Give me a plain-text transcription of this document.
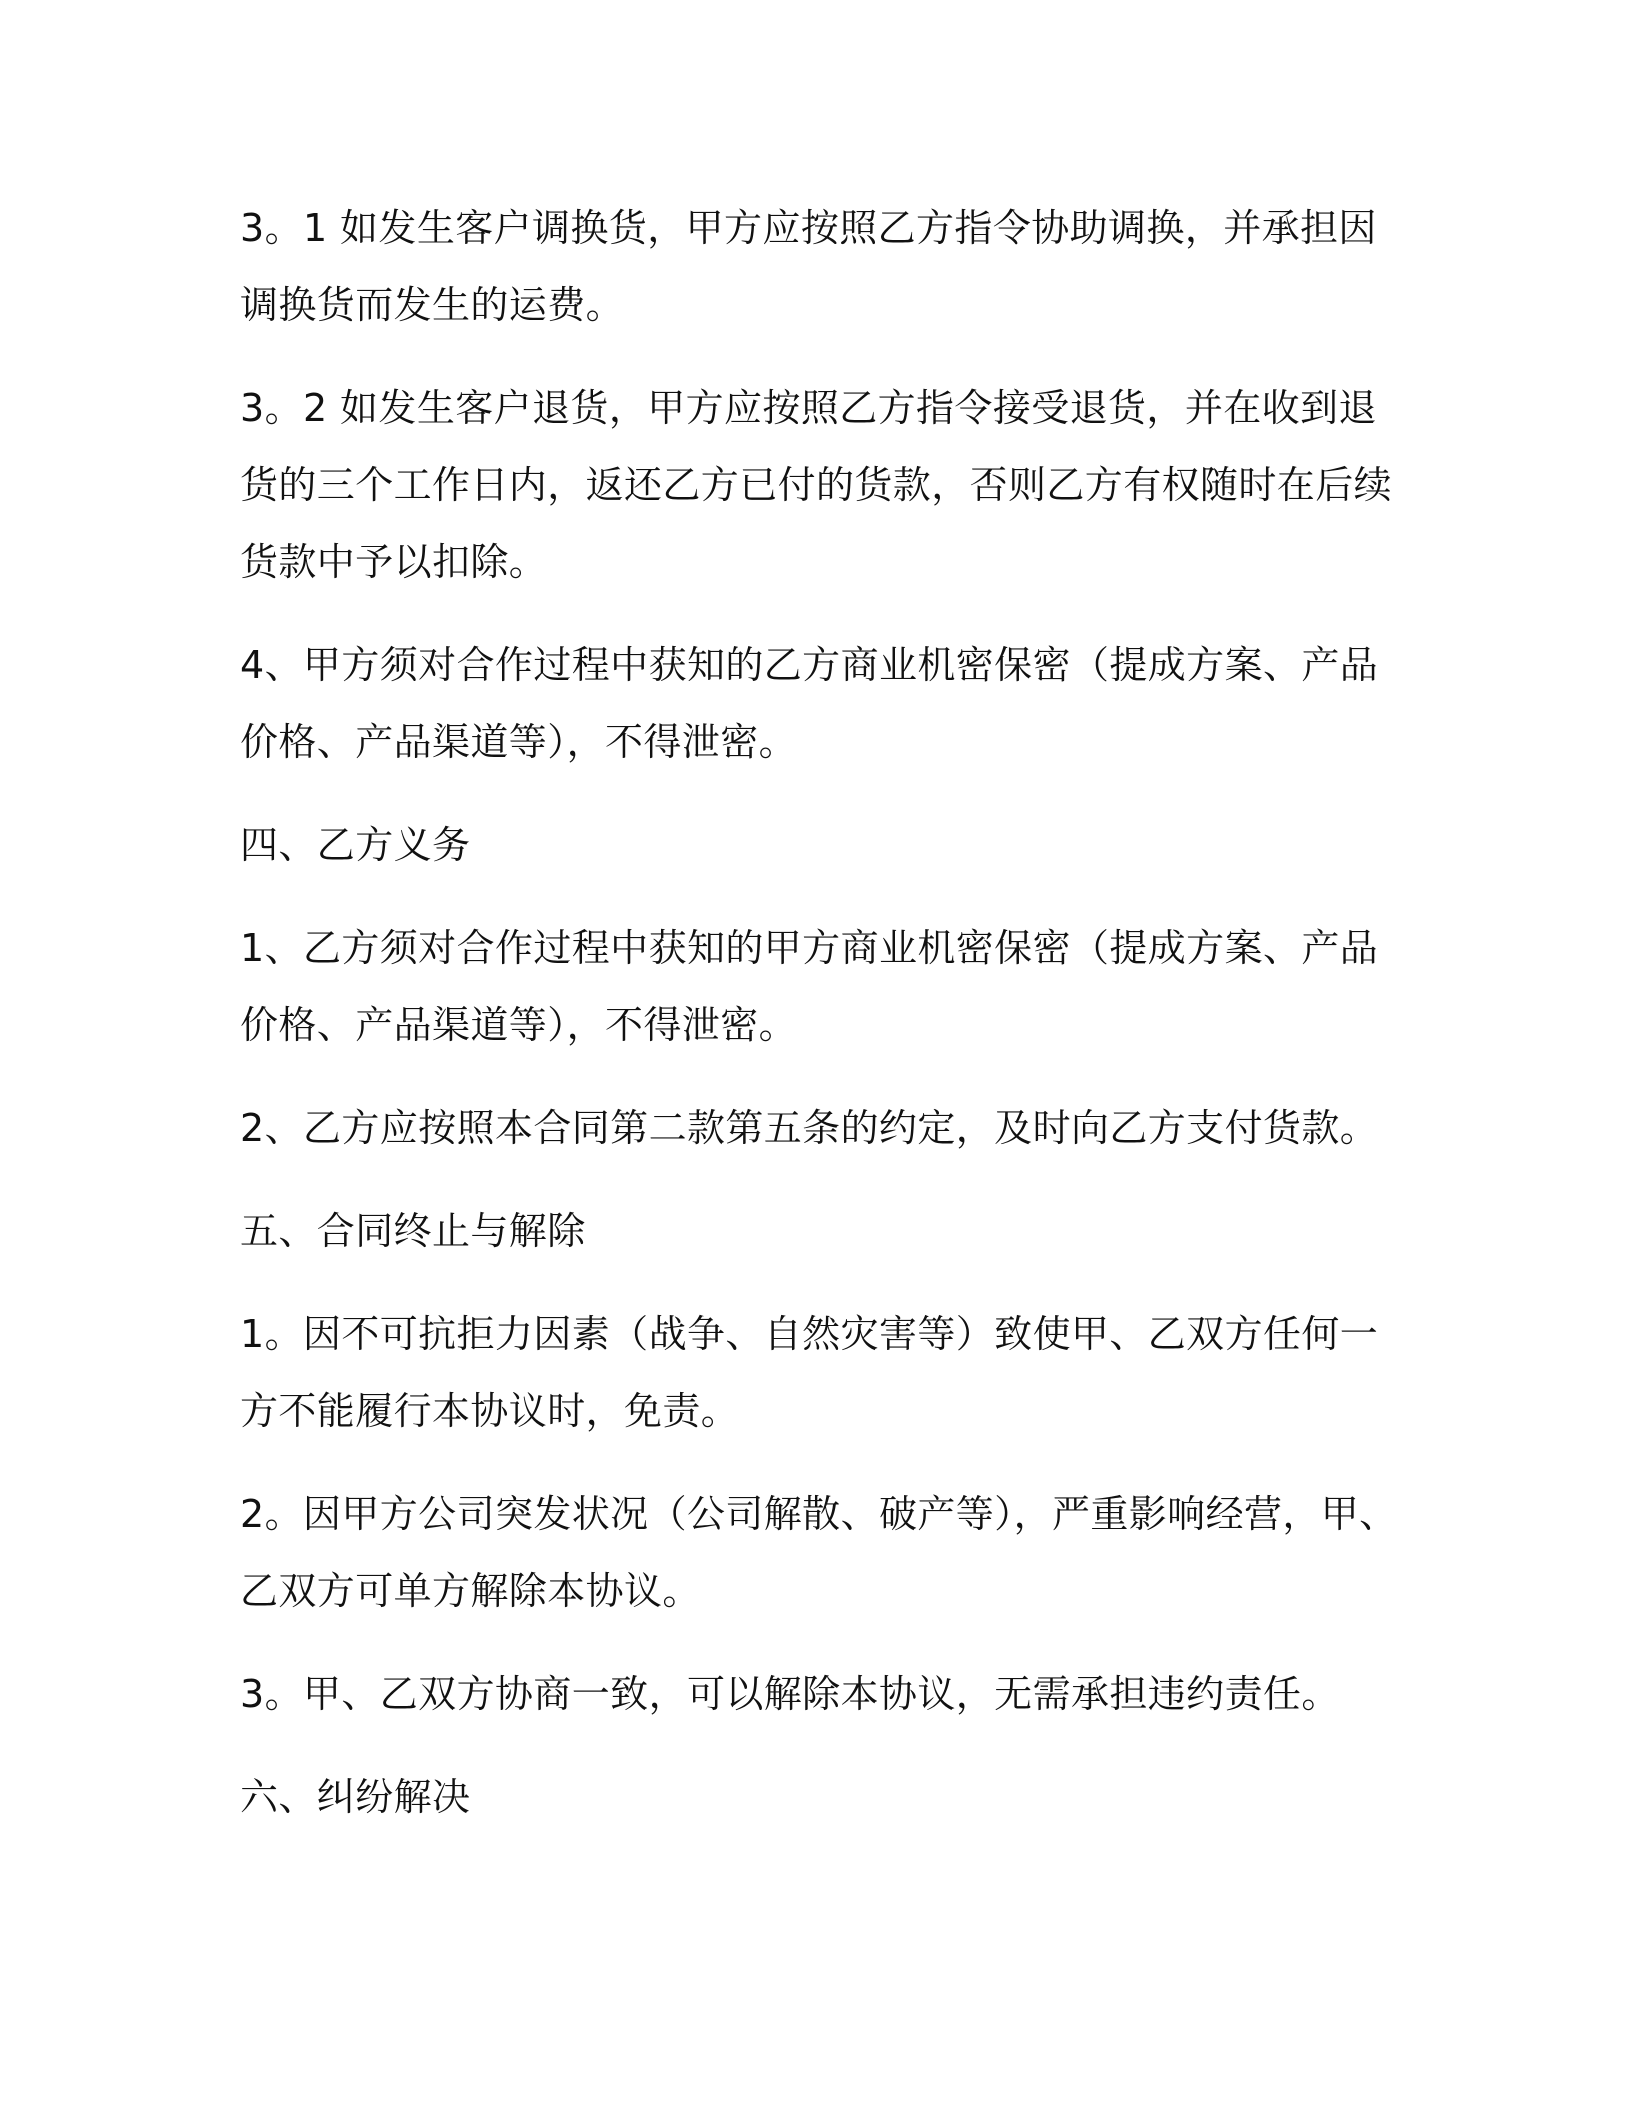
3。1 如发生客户调换货，甲方应按照乙方指令协助调换，并承担因调换货而发生的运费。

3。2 如发生客户退货，甲方应按照乙方指令接受退货，并在收到退货的三个工作日内，返还乙方已付的货款，否则乙方有权随时在后续货款中予以扣除。

4、甲方须对合作过程中获知的乙方商业机密保密（提成方案、产品价格、产品渠道等），不得泄密。

四、乙方义务

1、乙方须对合作过程中获知的甲方商业机密保密（提成方案、产品价格、产品渠道等），不得泄密。

2、乙方应按照本合同第二款第五条的约定，及时向乙方支付货款。

五、合同终止与解除

1。因不可抗拒力因素（战争、自然灾害等）致使甲、乙双方任何一方不能履行本协议时，免责。

2。因甲方公司突发状况（公司解散、破产等），严重影响经营，甲、乙双方可单方解除本协议。

3。甲、乙双方协商一致，可以解除本协议，无需承担违约责任。

六、纠纷解决
